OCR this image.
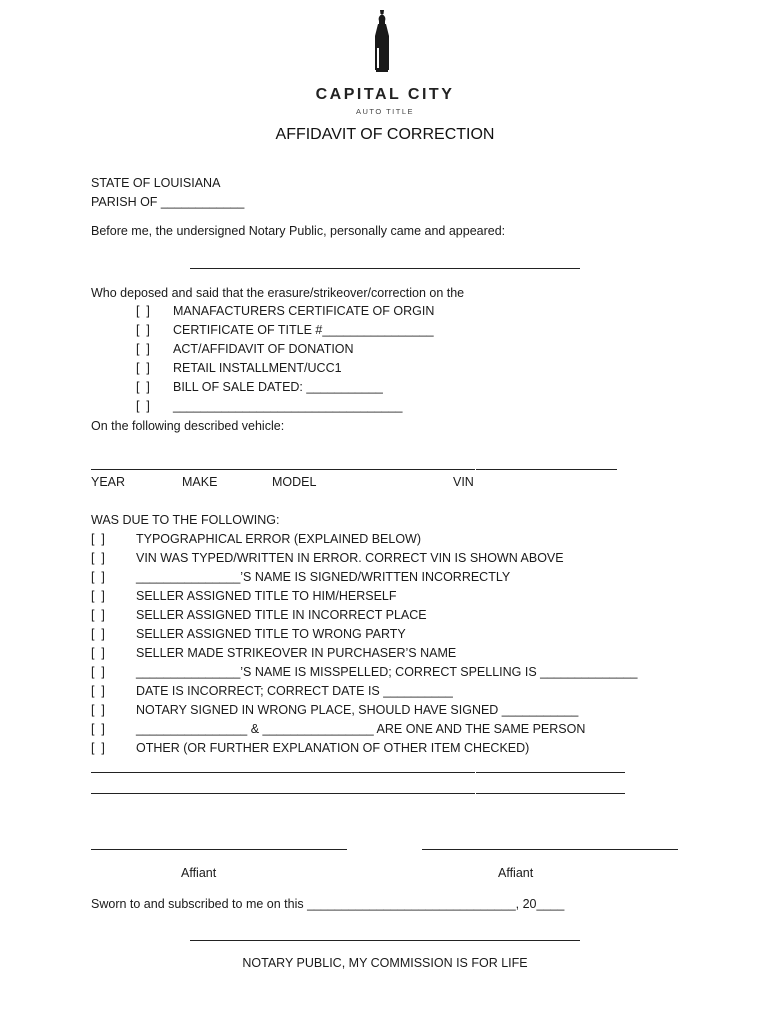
CAPITAL CITY
AUTO TITLE
AFFIDAVIT OF CORRECTION
STATE OF LOUISIANA
PARISH OF ____________
Before me, the undersigned Notary Public, personally came and appeared:
Who deposed and said that the erasure/strikeover/correction on the
[  ] MANAFACTURERS CERTIFICATE OF ORGIN
[  ] CERTIFICATE OF TITLE #________________
[  ] ACT/AFFIDAVIT OF DONATION
[  ] RETAIL INSTALLMENT/UCC1
[  ] BILL OF SALE DATED: ___________
[  ] _________________________________
On the following described vehicle:
YEAR	MAKE	MODEL	VIN
WAS DUE TO THE FOLLOWING:
[  ] TYPOGRAPHICAL ERROR (EXPLAINED BELOW)
[  ] VIN WAS TYPED/WRITTEN IN ERROR. CORRECT VIN IS SHOWN ABOVE
[  ] _______________’S NAME IS SIGNED/WRITTEN INCORRECTLY
[  ] SELLER ASSIGNED TITLE TO HIM/HERSELF
[  ] SELLER ASSIGNED TITLE IN INCORRECT PLACE
[  ] SELLER ASSIGNED TITLE TO WRONG PARTY
[  ] SELLER MADE STRIKEOVER IN PURCHASER’S NAME
[  ] _______________’S NAME IS MISSPELLED; CORRECT SPELLING IS ______________
[  ] DATE IS INCORRECT; CORRECT DATE IS __________
[  ] NOTARY SIGNED IN WRONG PLACE, SHOULD HAVE SIGNED ___________
[  ] ________________ & ________________ ARE ONE AND THE SAME PERSON
[  ] OTHER (OR FURTHER EXPLANATION OF OTHER ITEM CHECKED)
Affiant	Affiant
Sworn to and subscribed to me on this ______________________________, 20____
NOTARY PUBLIC, MY COMMISSION IS FOR LIFE
